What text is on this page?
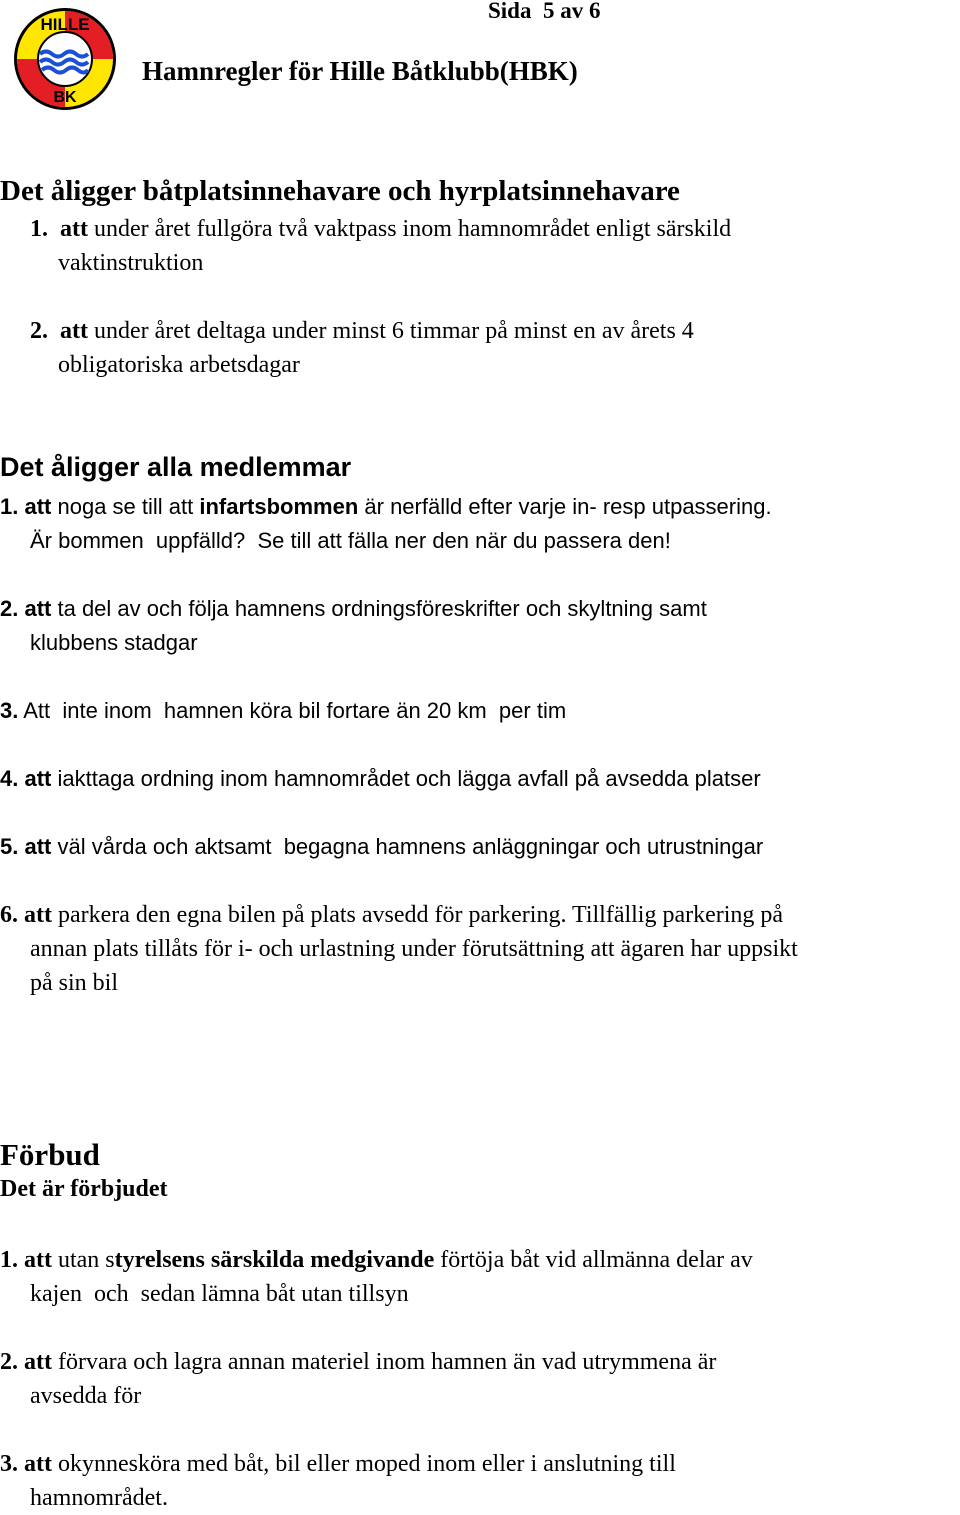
Sida  5 av 6
Hamnregler för Hille Båtklubb(HBK)
HILLE
BK
Det åligger båtplatsinnehavare och hyrplatsinnehavare
1. att under året fullgöra två vaktpass inom hamnområdet enligt särskild
vaktinstruktion
2. att under året deltaga under minst 6 timmar på minst en av årets 4
obligatoriska arbetsdagar
Det åligger alla medlemmar
1. att noga se till att infartsbommen är nerfälld efter varje in- resp utpassering.
Är bommen  uppfälld?  Se till att fälla ner den när du passera den!
2. att ta del av och följa hamnens ordningsföreskrifter och skyltning samt
klubbens stadgar
3. Att  inte inom  hamnen köra bil fortare än 20 km  per tim
4. att iakttaga ordning inom hamnområdet och lägga avfall på avsedda platser
5. att väl vårda och aktsamt  begagna hamnens anläggningar och utrustningar
6. att parkera den egna bilen på plats avsedd för parkering. Tillfällig parkering på
annan plats tillåts för i- och urlastning under förutsättning att ägaren har uppsikt
på sin bil
Förbud
Det är förbjudet
1. att utan styrelsens särskilda medgivande förtöja båt vid allmänna delar av
kajen  och  sedan lämna båt utan tillsyn
2. att förvara och lagra annan materiel inom hamnen än vad utrymmena är
avsedda för
3. att okynnesköra med båt, bil eller moped inom eller i anslutning till
hamnområdet.
